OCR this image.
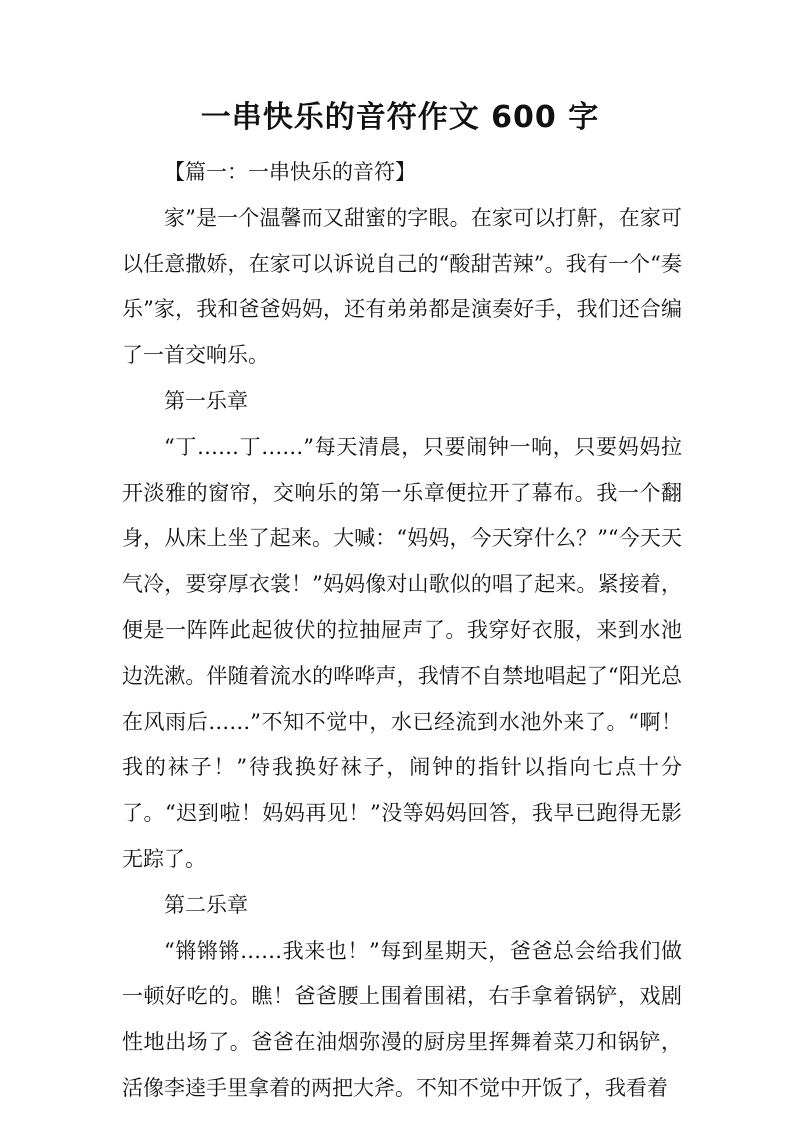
一串快乐的音符作文 600 字

【篇一：一串快乐的音符】

家”是一个温馨而又甜蜜的字眼。在家可以打鼾，在家可以任意撒娇，在家可以诉说自己的“酸甜苦辣”。我有一个“奏乐”家，我和爸爸妈妈，还有弟弟都是演奏好手，我们还合编了一首交响乐。

第一乐章

“丁……丁……”每天清晨，只要闹钟一响，只要妈妈拉开淡雅的窗帘，交响乐的第一乐章便拉开了幕布。我一个翻身，从床上坐了起来。大喊：“妈妈，今天穿什么？”“今天天气冷，要穿厚衣裳！”妈妈像对山歌似的唱了起来。紧接着，便是一阵阵此起彼伏的拉抽屉声了。我穿好衣服，来到水池边洗漱。伴随着流水的哗哗声，我情不自禁地唱起了“阳光总在风雨后……”不知不觉中，水已经流到水池外来了。“啊！我的袜子！”待我换好袜子，闹钟的指针以指向七点十分了。“迟到啦！妈妈再见！”没等妈妈回答，我早已跑得无影无踪了。

第二乐章

“锵锵锵……我来也！”每到星期天，爸爸总会给我们做一顿好吃的。瞧！爸爸腰上围着围裙，右手拿着锅铲，戏剧性地出场了。爸爸在油烟弥漫的厨房里挥舞着菜刀和锅铲，活像李逵手里拿着的两把大斧。不知不觉中开饭了，我看着
